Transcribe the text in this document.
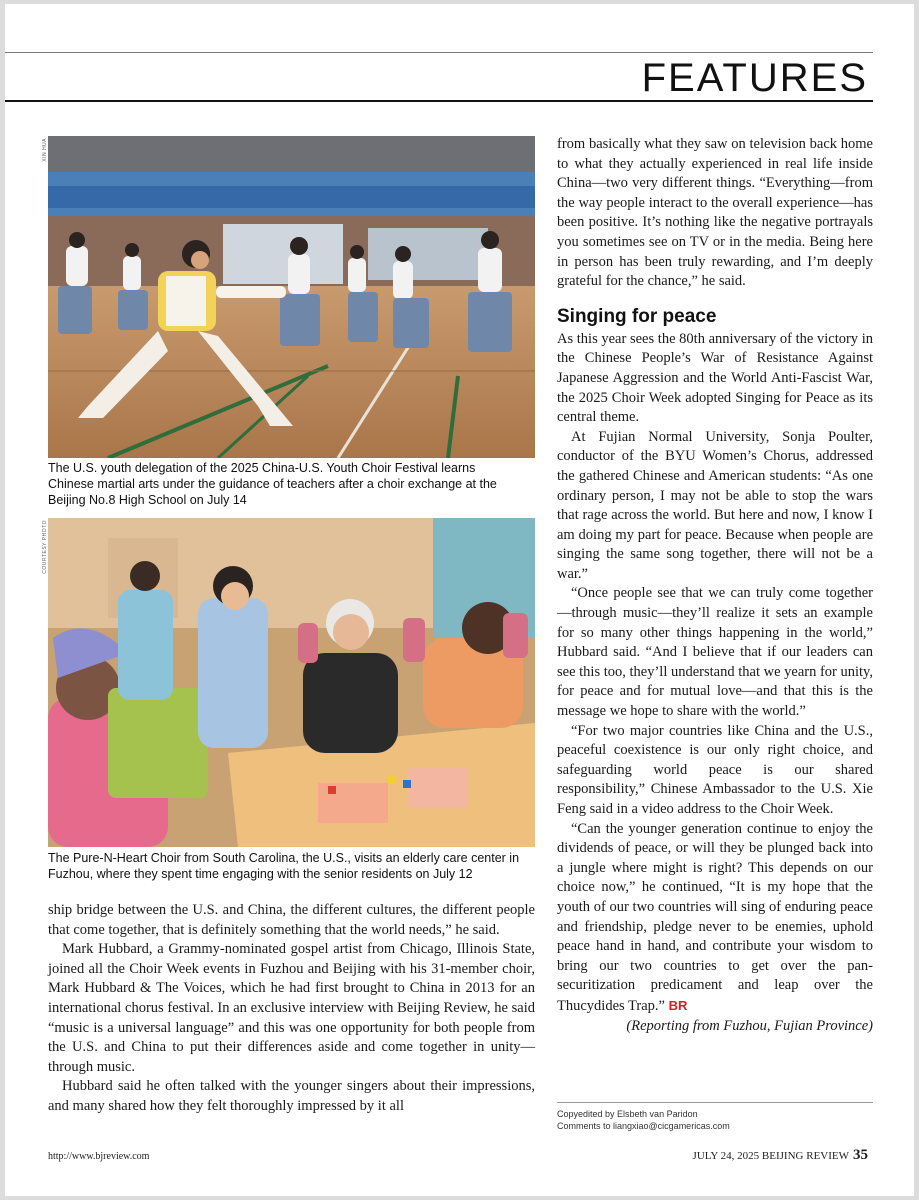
FEATURES
XIN HUA

The U.S. youth delegation of the 2025 China-U.S. Youth Choir Festival learns Chinese martial arts under the guidance of teachers after a choir exchange at the Beijing No.8 High School on July 14

COURTESY PHOTO

The Pure-N-Heart Choir from South Carolina, the U.S., visits an elderly care center in Fuzhou, where they spent time engaging with the senior residents on July 12

ship bridge between the U.S. and China, the different cultures, the different people that come together, that is definitely something that the world needs,” he said.

Mark Hubbard, a Grammy-nominated gospel artist from Chicago, Illinois State, joined all the Choir Week events in Fuzhou and Beijing with his 31-member choir, Mark Hubbard & The Voices, which he had first brought to China in 2013 for an international chorus festival. In an exclusive interview with Beijing Review, he said “music is a universal language” and this was one opportunity for both people from the U.S. and China to put their differences aside and come together in unity—through music.

Hubbard said he often talked with the younger singers about their impressions, and many shared how they felt thoroughly impressed by it all

from basically what they saw on television back home to what they actually experienced in real life inside China—two very different things. “Everything—from the way people interact to the overall experience—has been positive. It’s nothing like the negative portrayals you sometimes see on TV or in the media. Being here in person has been truly rewarding, and I’m deeply grateful for the chance,” he said.

Singing for peace

As this year sees the 80th anniversary of the victory in the Chinese People’s War of Resistance Against Japanese Aggression and the World Anti-Fascist War, the 2025 Choir Week adopted Singing for Peace as its central theme.

At Fujian Normal University, Sonja Poulter, conductor of the BYU Women’s Chorus, addressed the gathered Chinese and American students: “As one ordinary person, I may not be able to stop the wars that rage across the world. But here and now, I know I am doing my part for peace. Because when people are singing the same song together, there will not be a war.”

“Once people see that we can truly come together—through music—they’ll realize it sets an example for so many other things happening in the world,” Hubbard said. “And I believe that if our leaders can see this too, they’ll understand that we yearn for unity, for peace and for mutual love—and that this is the message we hope to share with the world.”

“For two major countries like China and the U.S., peaceful coexistence is our only right choice, and safeguarding world peace is our shared responsibility,” Chinese Ambassador to the U.S. Xie Feng said in a video address to the Choir Week.

“Can the younger generation continue to enjoy the dividends of peace, or will they be plunged back into a jungle where might is right? This depends on our choice now,” he continued, “It is my hope that the youth of our two countries will sing of enduring peace and friendship, pledge never to be enemies, uphold peace hand in hand, and contribute your wisdom to bring our two countries to get over the pan-securitization predicament and leap over the Thucydides Trap.” BR

(Reporting from Fuzhou, Fujian Province)

Copyedited by Elsbeth van Paridon
Comments to liangxiao@cicgamericas.com
http://www.bjreview.com	JULY 24, 2025 BEIJING REVIEW 35
